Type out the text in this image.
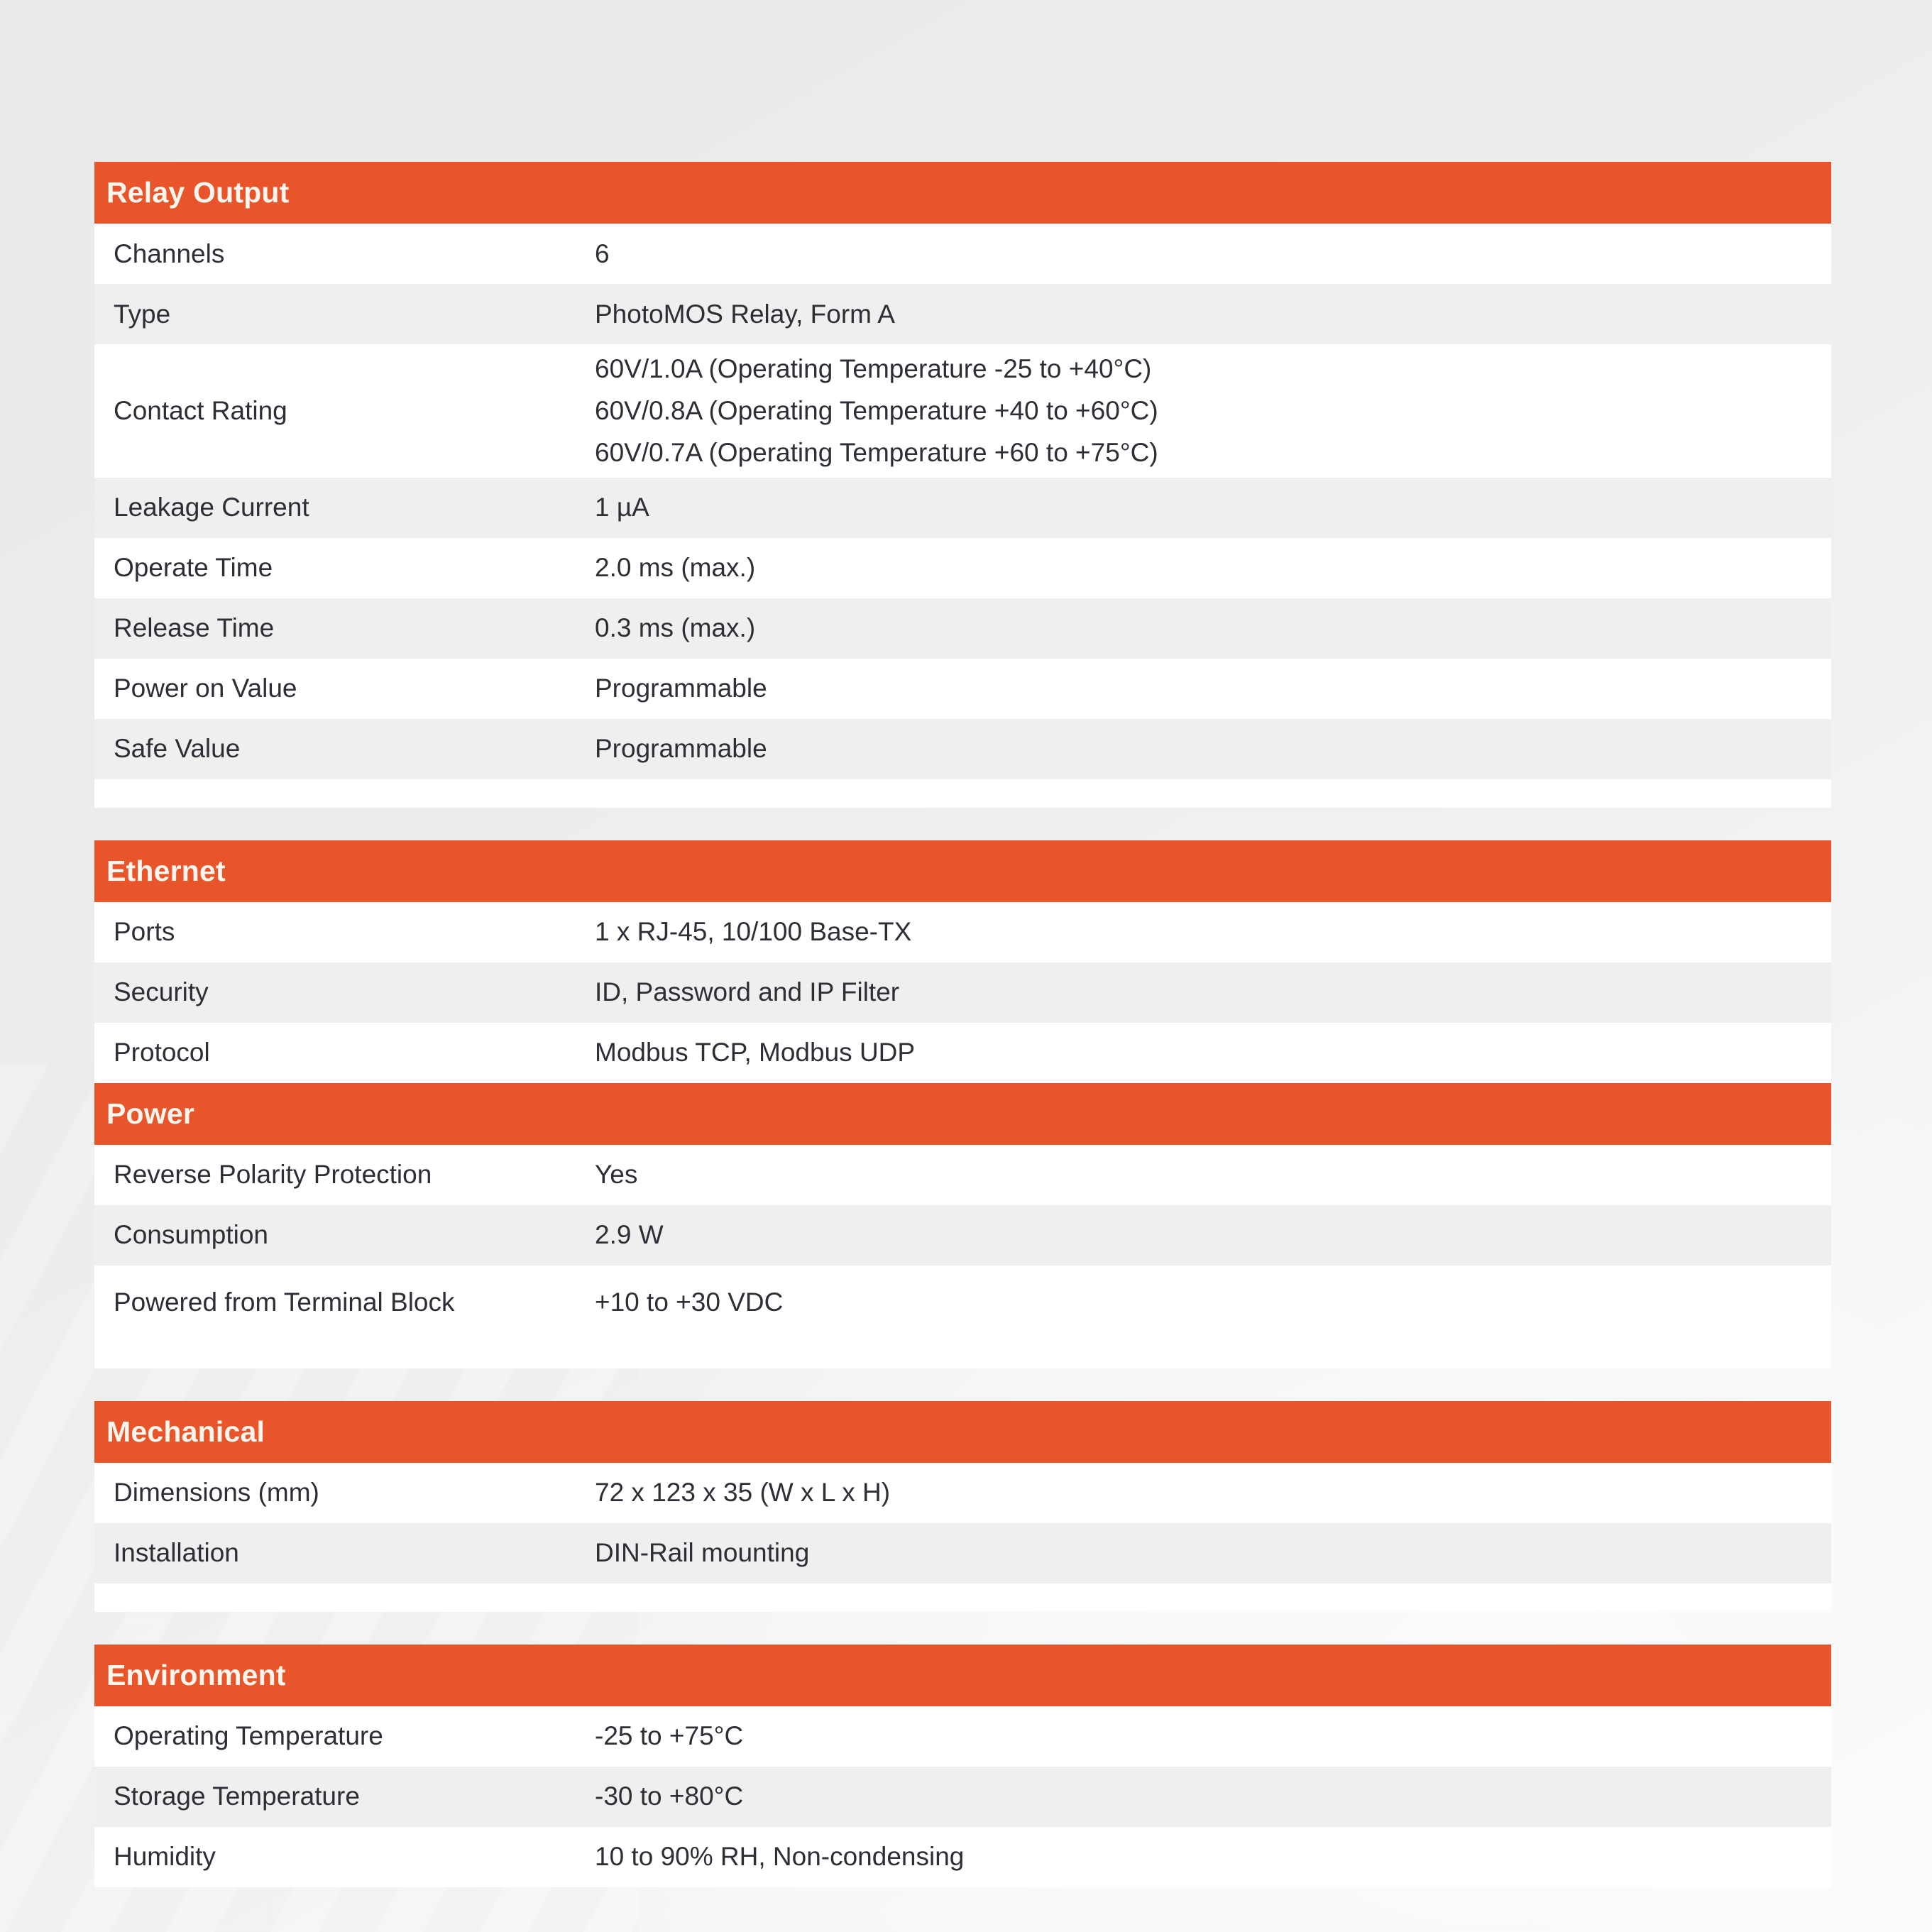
Relay Output
Channels	6
Type	PhotoMOS Relay, Form A
Contact Rating
60V/1.0A (Operating Temperature -25 to +40°C)
60V/0.8A (Operating Temperature +40 to +60°C)
60V/0.7A (Operating Temperature +60 to +75°C)
Leakage Current	1 µA
Operate Time	2.0 ms (max.)
Release Time	0.3 ms (max.)
Power on Value	Programmable
Safe Value	Programmable
Ethernet
Ports	1 x RJ-45, 10/100 Base-TX
Security	ID, Password and IP Filter
Protocol	Modbus TCP, Modbus UDP
Power
Reverse Polarity Protection	Yes
Consumption	2.9 W
Powered from Terminal Block	+10 to +30 VDC
Mechanical
Dimensions (mm)	72 x 123 x 35 (W x L x H)
Installation	DIN-Rail mounting
Environment
Operating Temperature	-25 to +75°C
Storage Temperature	-30 to +80°C
Humidity	10 to 90% RH, Non-condensing
